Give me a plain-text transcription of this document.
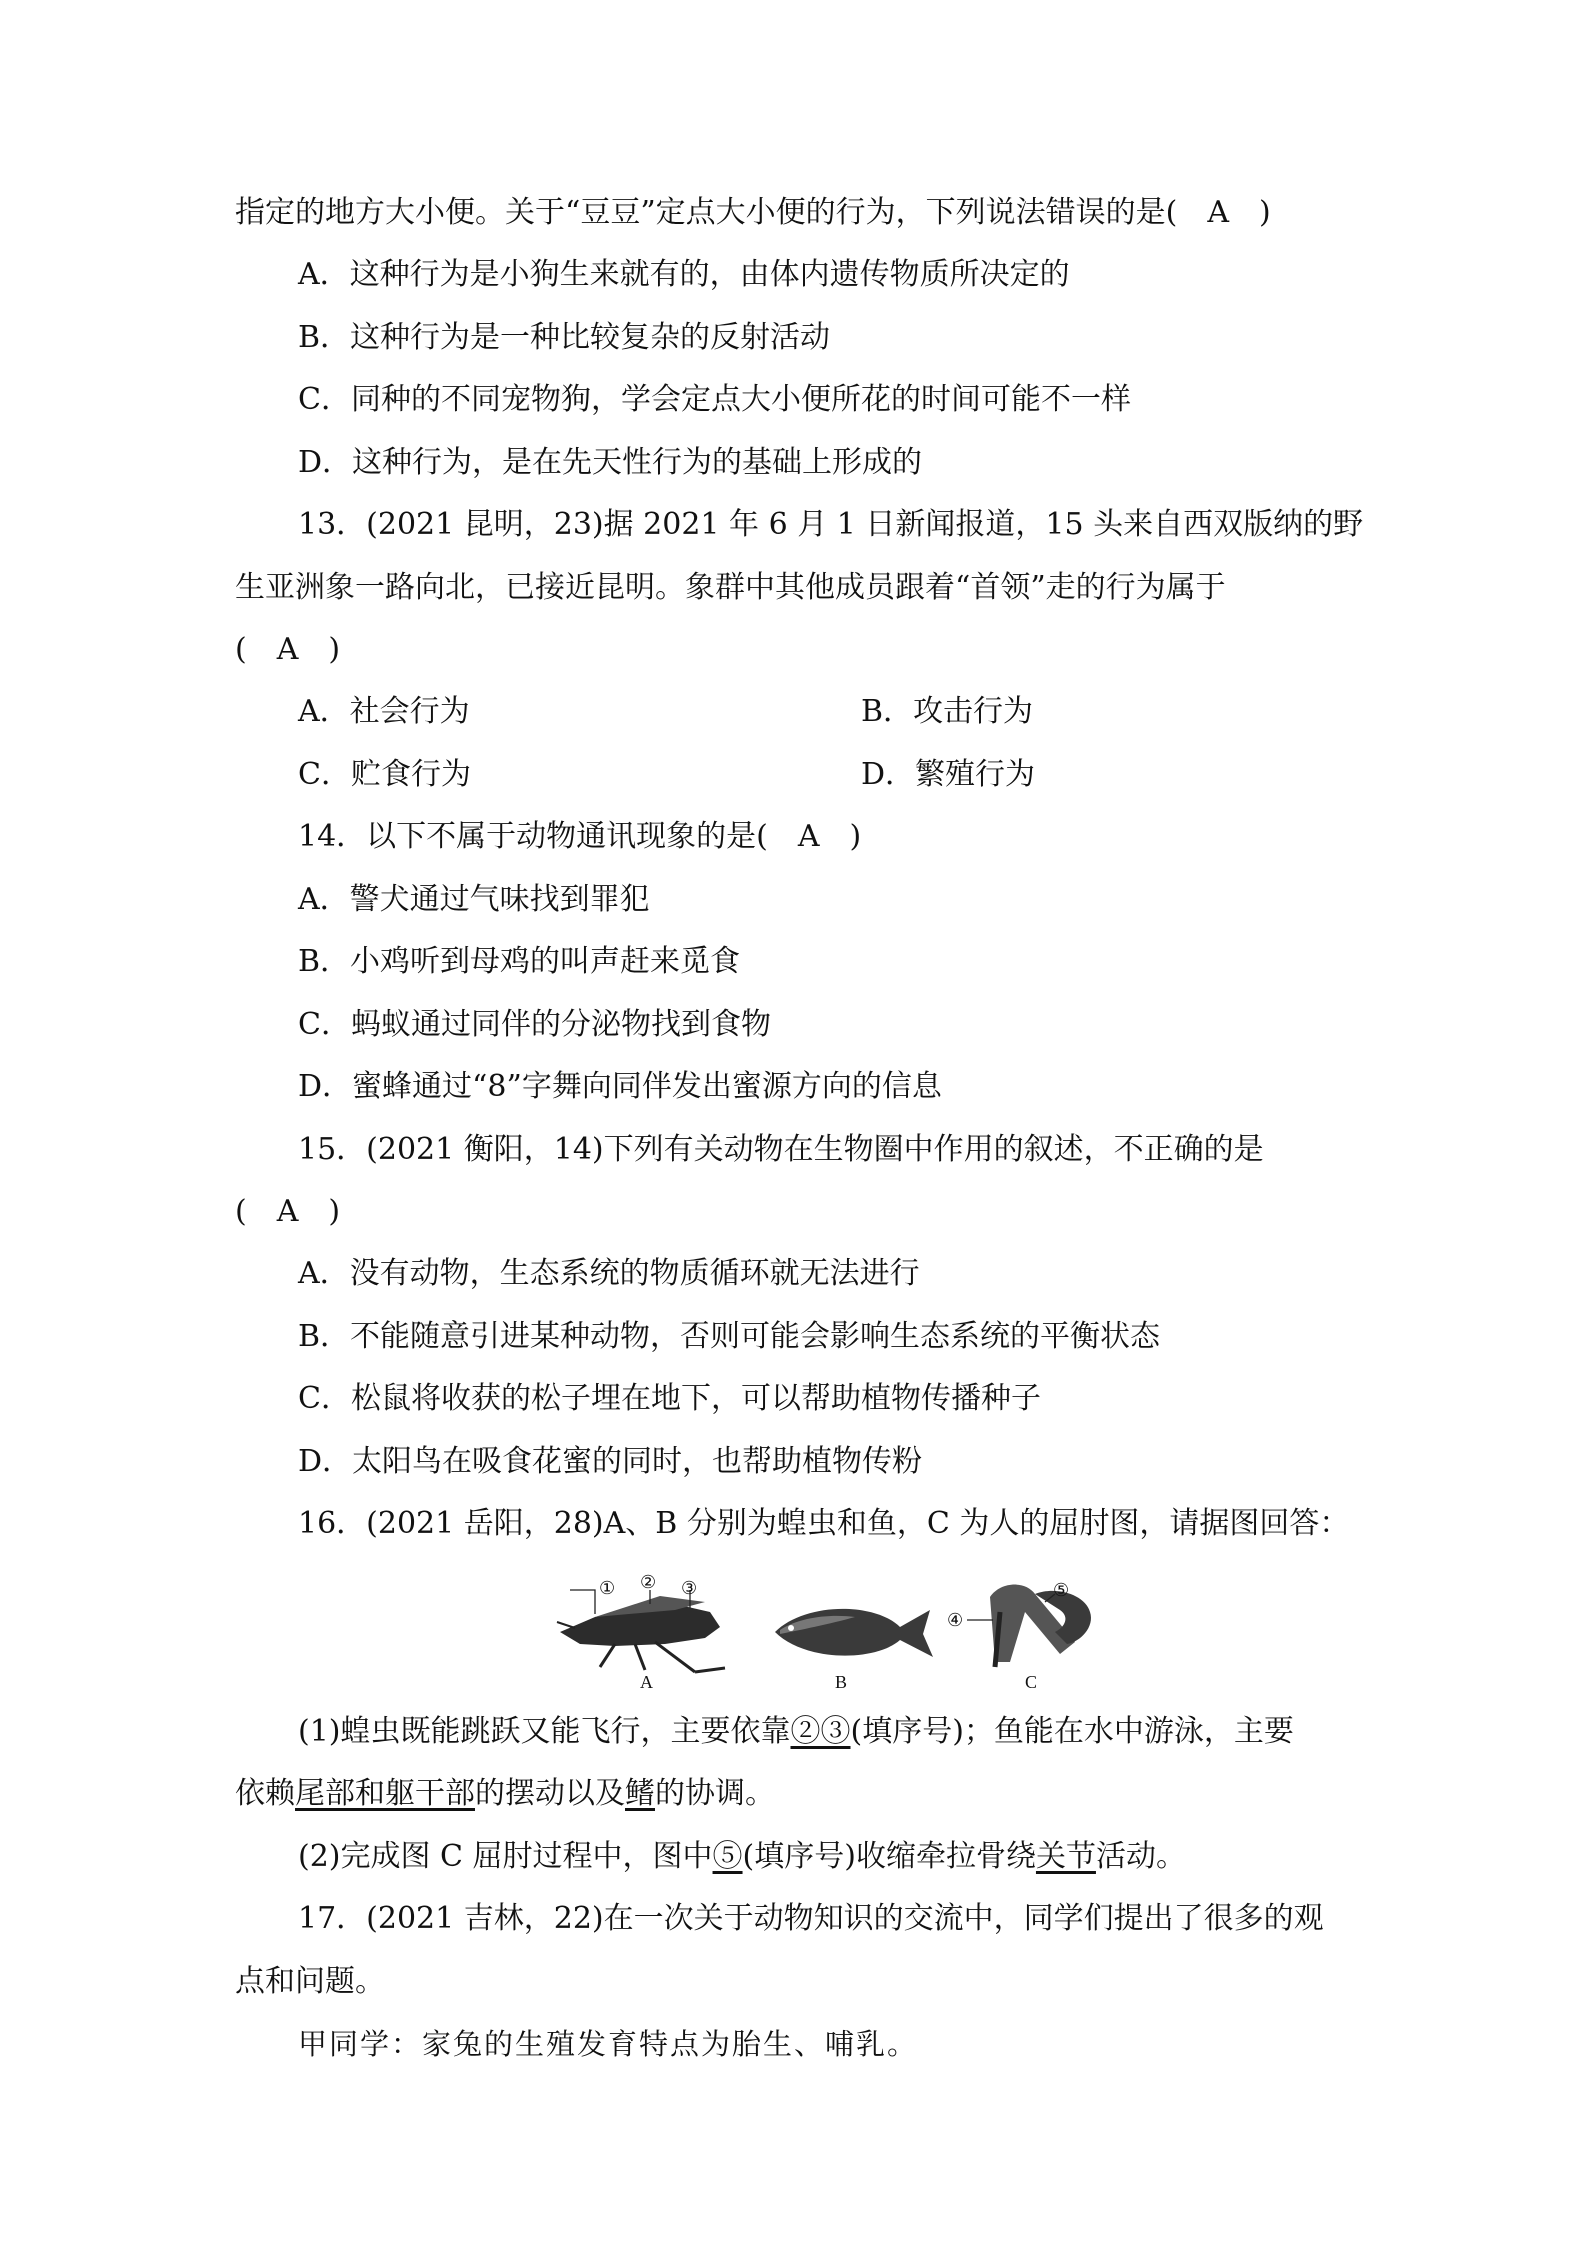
指定的地方大小便。关于“豆豆”定点大小便的行为，下列说法错误的是(　A　)
A．这种行为是小狗生来就有的，由体内遗传物质所决定的
B．这种行为是一种比较复杂的反射活动
C．同种的不同宠物狗，学会定点大小便所花的时间可能不一样
D．这种行为，是在先天性行为的基础上形成的
13．(2021 昆明，23)据 2021 年 6 月 1 日新闻报道，15 头来自西双版纳的野
生亚洲象一路向北，已接近昆明。象群中其他成员跟着“首领”走的行为属于
(　A　)
A．社会行为	B．攻击行为
C．贮食行为	D．繁殖行为
14．以下不属于动物通讯现象的是(　A　)
A．警犬通过气味找到罪犯
B．小鸡听到母鸡的叫声赶来觅食
C．蚂蚁通过同伴的分泌物找到食物
D．蜜蜂通过“8”字舞向同伴发出蜜源方向的信息
15．(2021 衡阳，14)下列有关动物在生物圈中作用的叙述，不正确的是
(　A　)
A．没有动物，生态系统的物质循环就无法进行
B．不能随意引进某种动物，否则可能会影响生态系统的平衡状态
C．松鼠将收获的松子埋在地下，可以帮助植物传播种子
D．太阳鸟在吸食花蜜的同时，也帮助植物传粉
16．(2021 岳阳，28)A、B 分别为蝗虫和鱼，C 为人的屈肘图，请据图回答：
① ② ③
A	B
④
⑤
C
(1)蝗虫既能跳跃又能飞行，主要依靠②③(填序号)；鱼能在水中游泳，主要
依赖尾部和躯干部的摆动以及鳍的协调。
(2)完成图 C 屈肘过程中，图中⑤(填序号)收缩牵拉骨绕关节活动。
17．(2021 吉林，22)在一次关于动物知识的交流中，同学们提出了很多的观
点和问题。
甲同学：家兔的生殖发育特点为胎生、哺乳。
